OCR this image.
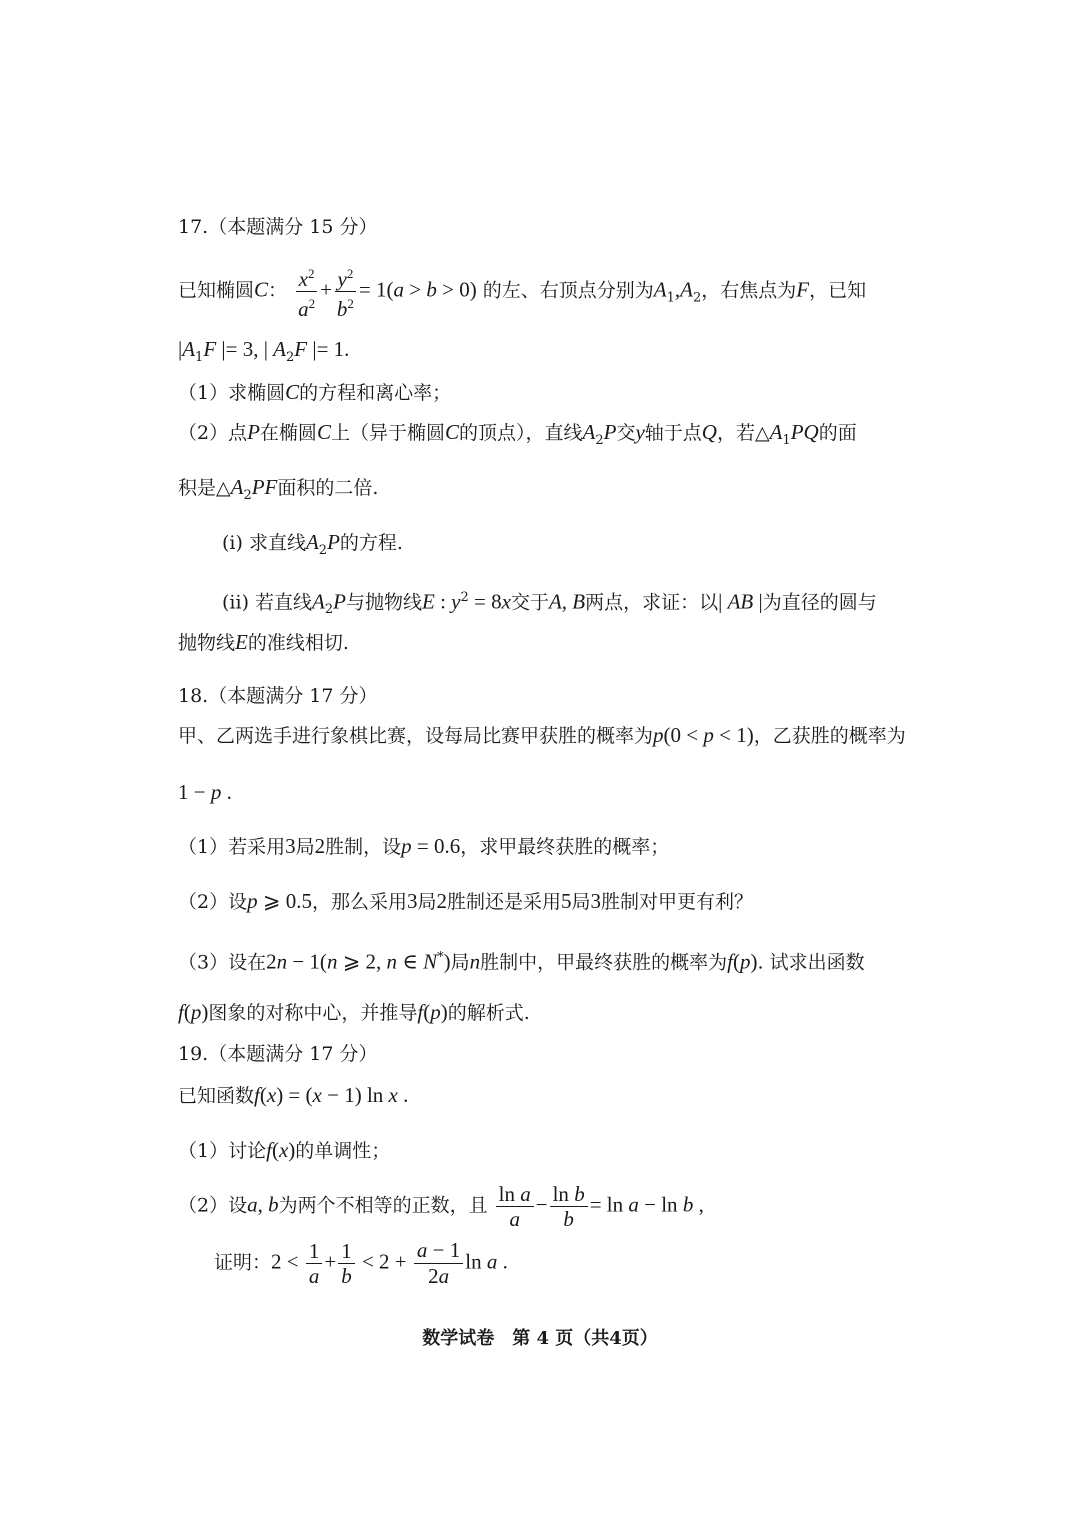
17.（本题满分 15 分）
已知椭圆C： $\frac{x^2}{a^2} + \frac{y^2}{b^2} = 1(a > b > 0)$ 的左、右顶点分别为$A_1,A_2$，右焦点为F，已知
$|A_1F$ |= 3, | $A_2F$ |= 1.
（1）求椭圆C的方程和离心率；
（2）点P在椭圆C上（异于椭圆C的顶点），直线$A_2P$交y轴于点Q，若$\triangle A_1PQ$的面
积是$\triangle A_2PF$面积的二倍.
(i) 求直线$A_2P$的方程.
(ii) 若直线$A_2P$与抛物线E : $y^2 = 8x$交于A, B两点，求证：以| AB |为直径的圆与
抛物线E的准线相切.
18.（本题满分 17 分）
甲、乙两选手进行象棋比赛，设每局比赛甲获胜的概率为p(0 < p < 1)，乙获胜的概率为
1 − p .
（1）若采用3局2胜制，设p = 0.6，求甲最终获胜的概率；
（2）设p ⩾ 0.5，那么采用3局2胜制还是采用5局3胜制对甲更有利？
（3）设在2n − 1(n ⩾ 2, n ∈ N*)局n胜制中，甲最终获胜的概率为f(p). 试求出函数
f(p)图象的对称中心，并推导f(p)的解析式.
19.（本题满分 17 分）
已知函数f(x) = (x − 1) ln x .
（1）讨论f(x)的单调性；
（2）设a, b为两个不相等的正数，且 $\frac{\text{ln a}}{a} - \frac{\text{ln b}}{b} = \ln a - \ln b$ ,
证明：$2 < \frac{1}{a} + \frac{1}{b} < 2 + \frac{a - 1}{2a}$ ln a .
数学试卷　第 4 页（共4页）
